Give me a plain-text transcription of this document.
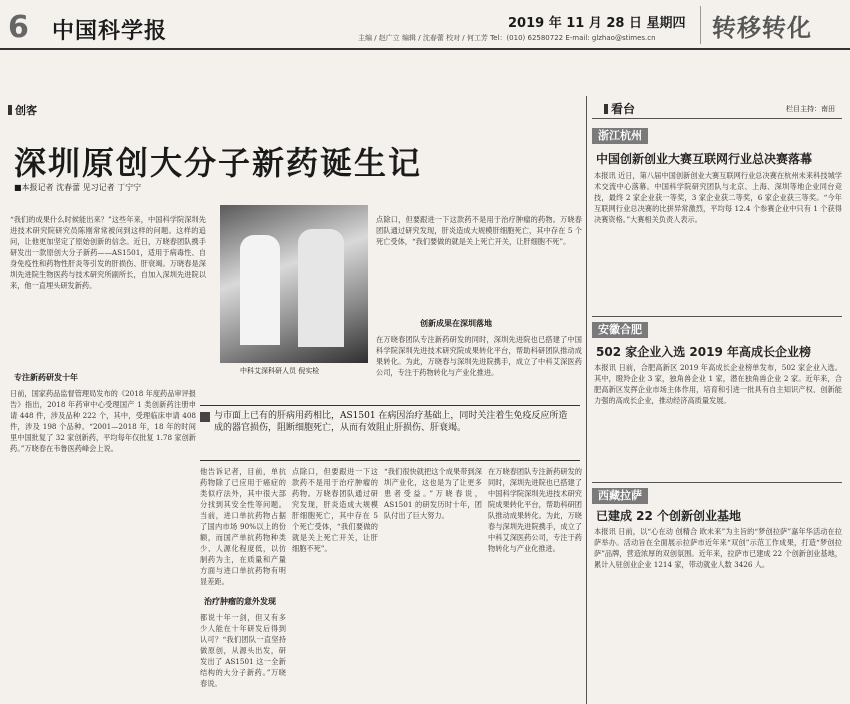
6 中国科学报	2019 年 11 月 28 日 星期四
主编 / 赵广立 编辑 / 沈春蕾 校对 / 何工芳 Tel：(010) 62580722 E-mail: glzhao@stimes.cn 转移转化
创客
深圳原创大分子新药诞生记
■本报记者 沈春蕾 见习记者 丁宁宁
“我们的成果什么时候能出来？”这些年来，中国科学院深圳先进技术研究院研究员陈刚常常被问到这样的问题。这样的追问，让他更加坚定了原始创新的信念。近日，万晓春团队携手研发出一款原创大分子新药——AS1501，适用于病毒性、自身免疫性和药物性肝炎等引发的肝损伤、肝衰竭。万晓春是深圳先进院生物医药与技术研究所副所长，自加入深圳先进院以来，他一直埋头研发新药。
专注新药研发十年
日前，国家药品监督管理局发布的《2018 年度药品审评报告》指出，2018 年药审中心受理国产 1 类创新药注册申请 448 件，涉及品种 222 个，其中，受理临床申请 408 件，涉及 198 个品种。“2001—2018 年，18 年的时间里中国批复了 32 家创新药，平均每年仅批复 1.78 家创新药。”万晓春在韦鲁医药峰会上说。
中科艾深科研人员 倪实检
点除口，但要跟进一下这款药不是用于治疗肿瘤的药物。万晓春团队通过研究发现，肝炎造成大规模肝细胞死亡，其中存在 5 个死亡受体，“我们要做的就是关上死亡开关，让肝细胞不死”。
创新成果在深圳落地
在万晓春团队专注新药研发的同时，深圳先进院也已搭建了中国科学院深圳先进技术研究院成果转化平台，帮助科研团队推动成果转化。为此，万晓春与深圳先进院携手，成立了中科艾深医药公司，专注于药物转化与产业化推进。
与市面上已有的肝病用药相比，AS1501 在病因治疗基础上，同时关注着生免疫反应所造成的器官损伤，阻断细胞死亡，从而有效阻止肝损伤、肝衰竭。
他告诉记者，目前，单抗药物除了已应用于癌症的类似疗法外，其中很大部分找到其安全性等问题。当前，进口单抗药物占据了国内市场 90%以上的份额，而国产单抗药物种类少、人源化程度低，以仿制药为主，在质量和产量方面与进口单抗药物有明显差距。
治疗肿瘤的意外发现
都说十年一剑，但又有多少人能在十年研发后得到认可？“我们团队一直坚持做原创，从源头出发，研发出了 AS1501 这一全新结构的大分子新药。”万晓春说。
点除口，但要跟进一下这款药不是用于治疗肿瘤的药物。万晓春团队通过研究发现，肝炎造成大规模肝细胞死亡，其中存在 5 个死亡受体，“我们要做的就是关上死亡开关，让肝细胞不死”。
“我们很快就把这个成果带到深圳产业化，这也是为了让更多患者受益。”万晓春说，AS1501 的研发历时十年，团队付出了巨大努力。
在万晓春团队专注新药研发的同时，深圳先进院也已搭建了中国科学院深圳先进技术研究院成果转化平台，帮助科研团队推动成果转化。为此，万晓春与深圳先进院携手，成立了中科艾深医药公司，专注于药物转化与产业化推进。
看台	栏目主持：南田
浙江杭州
中国创新创业大赛互联网行业总决赛落幕
本报讯 近日，第八届中国创新创业大赛互联网行业总决赛在杭州未来科技城学术交流中心落幕。中国科学院研究团队与北京、上海、深圳等地企业同台竞技，最终 2 家企业获一等奖，3 家企业获二等奖，6 家企业获三等奖。“今年互联网行业总决赛的比拼异常激烈，平均每 12.4 个参赛企业中只有 1 个获得决赛资格。”大赛相关负责人表示。
安徽合肥
502 家企业入选 2019 年高成长企业榜
本报讯 日前，合肥高新区 2019 年高成长企业榜单发布，502 家企业入选。其中，瞪羚企业 3 家，独角兽企业 1 家，潜在独角兽企业 2 家。近年来，合肥高新区发挥企业市场主体作用，培育和引进一批具有自主知识产权、创新能力强的高成长企业，推动经济高质量发展。
西藏拉萨
已建成 22 个创新创业基地
本报讯 日前，以“心在动 创精合 欧未来”为主旨的“梦创拉萨”嘉年华活动在拉萨举办。活动旨在全面展示拉萨市近年来“双创”示范工作成果，打造“梦创拉萨”品牌，营造浓厚的双创氛围。近年来，拉萨市已建成 22 个创新创业基地，累计入驻创业企业 1214 家，带动就业人数 3426 人。
